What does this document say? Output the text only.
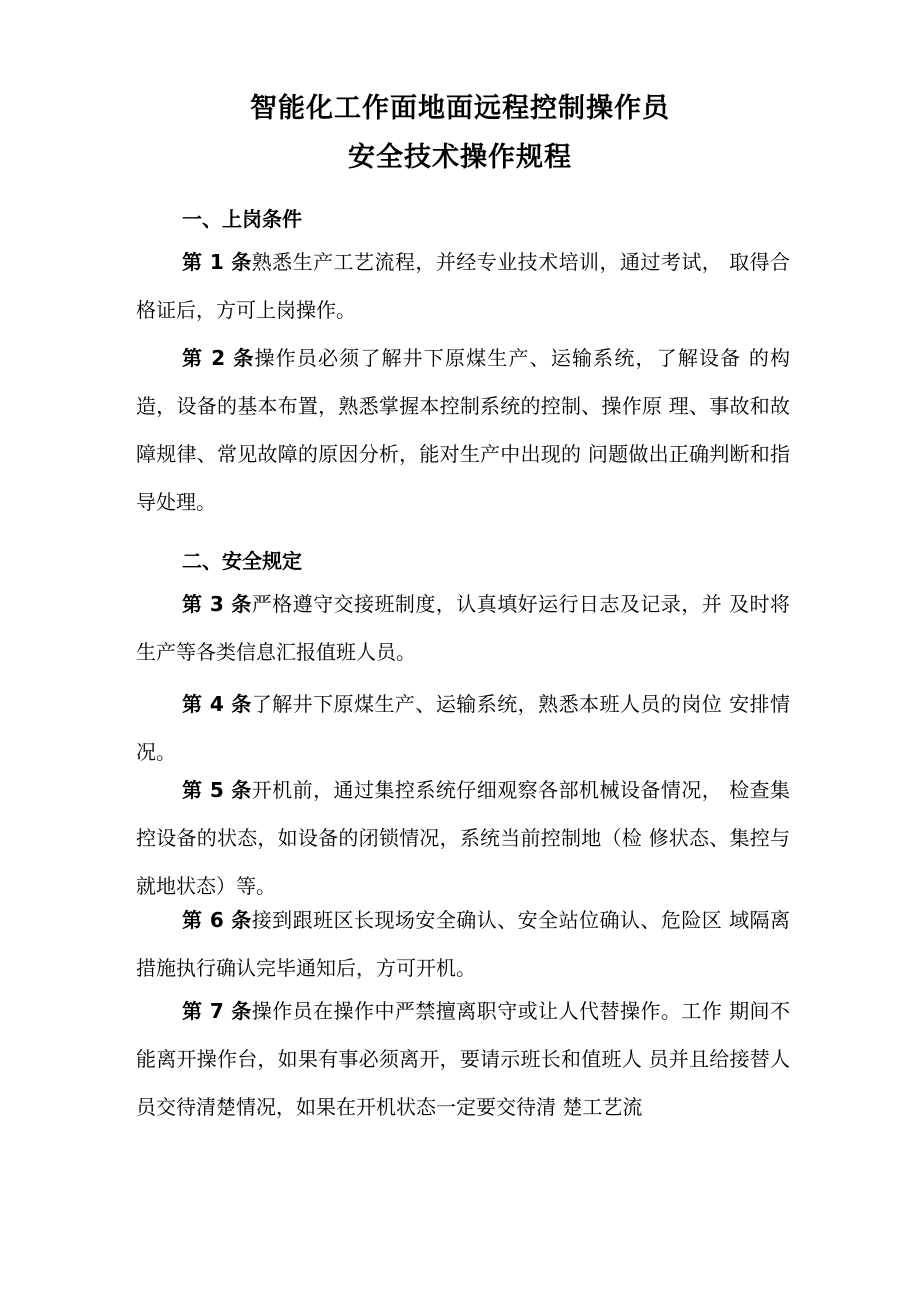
智能化工作面地面远程控制操作员
安全技术操作规程
一、上岗条件
第 1 条熟悉生产工艺流程，并经专业技术培训，通过考试， 取得合格证后，方可上岗操作。
第 2 条操作员必须了解井下原煤生产、运输系统，了解设备 的构造，设备的基本布置，熟悉掌握本控制系统的控制、操作原 理、事故和故障规律、常见故障的原因分析，能对生产中出现的 问题做出正确判断和指导处理。
二、安全规定
第 3 条严格遵守交接班制度，认真填好运行日志及记录，并 及时将生产等各类信息汇报值班人员。
第 4 条了解井下原煤生产、运输系统，熟悉本班人员的岗位 安排情况。
第 5 条开机前，通过集控系统仔细观察各部机械设备情况， 检查集控设备的状态，如设备的闭锁情况，系统当前控制地（检 修状态、集控与就地状态）等。
第 6 条接到跟班区长现场安全确认、安全站位确认、危险区 域隔离措施执行确认完毕通知后，方可开机。
第 7 条操作员在操作中严禁擅离职守或让人代替操作。工作 期间不能离开操作台，如果有事必须离开，要请示班长和值班人 员并且给接替人员交待清楚情况，如果在开机状态一定要交待清 楚工艺流
